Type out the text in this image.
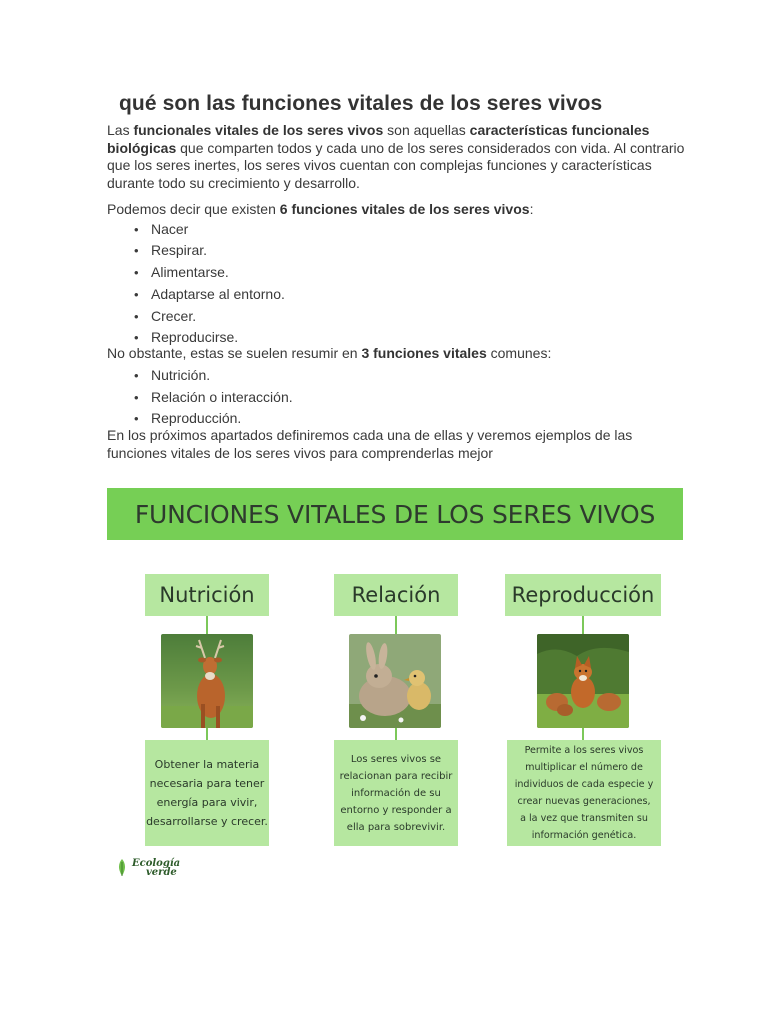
qué son las funciones vitales de los seres vivos

Las funcionales vitales de los seres vivos son aquellas características funcionales biológicas que comparten todos y cada uno de los seres considerados con vida. Al contrario que los seres inertes, los seres vivos cuentan con complejas funciones y características durante todo su crecimiento y desarrollo.

Podemos decir que existen 6 funciones vitales de los seres vivos:

• Nacer
• Respirar.
• Alimentarse.
• Adaptarse al entorno.
• Crecer.
• Reproducirse.

No obstante, estas se suelen resumir en 3 funciones vitales comunes:

• Nutrición.
• Relación o interacción.
• Reproducción.

En los próximos apartados definiremos cada una de ellas y veremos ejemplos de las funciones vitales de los seres vivos para comprenderlas mejor

FUNCIONES VITALES DE LOS SERES VIVOS
Nutrición
Obtener la materia
necesaria para tener
energía para vivir,
desarrollarse y crecer.
Relación
Los seres vivos se
relacionan para recibir
información de su
entorno y responder a
ella para sobrevivir.
Reproducción
Permite a los seres vivos
multiplicar el número de
individuos de cada especie y
crear nuevas generaciones,
a la vez que transmiten su
información genética.
Ecología
verde
